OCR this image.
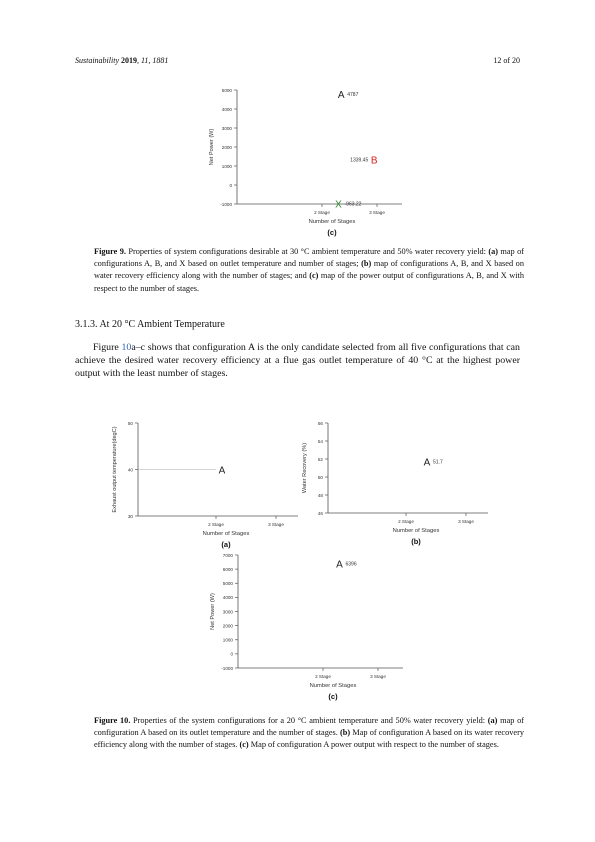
Sustainability 2019, 11, 1881	12 of 20
5000
4000
3000
2000
1000
0
-1000
2 Stage	3 Stage
Number of Stages
Net Power (W)
A 4787
B
1339.45
X -963.22
(c)
Figure 9. Properties of system configurations desirable at 30 °C ambient temperature and 50% water recovery yield: (a) map of configurations A, B, and X based on outlet temperature and number of stages; (b) map of configurations A, B, and X based on water recovery efficiency along with the number of stages; and (c) map of the power output of configurations A, B, and X with respect to the number of stages.
3.1.3. At 20 °C Ambient Temperature
Figure 10a–c shows that configuration A is the only candidate selected from all five configurations that can achieve the desired water recovery efficiency at a flue gas outlet temperature of 40 °C at the highest power output with the least number of stages.
50
40
30
2 Stage	3 Stage
Number of Stages
Exhaust output temperature(degC)	A
(a)
56
54
52
50
48
46
2 Stage	3 Stage
Number of Stages
Water Recovery (%)	A 51.7
(b)
7000
6000
5000
4000
3000
2000
1000
0
-1000
2 Stage	3 Stage
Number of Stages
Net Power (W)
A 6396
(c)
Figure 10. Properties of the system configurations for a 20 °C ambient temperature and 50% water recovery yield: (a) map of configuration A based on its outlet temperature and the number of stages. (b) Map of configuration A based on its water recovery efficiency along with the number of stages. (c) Map of configuration A power output with respect to the number of stages.
